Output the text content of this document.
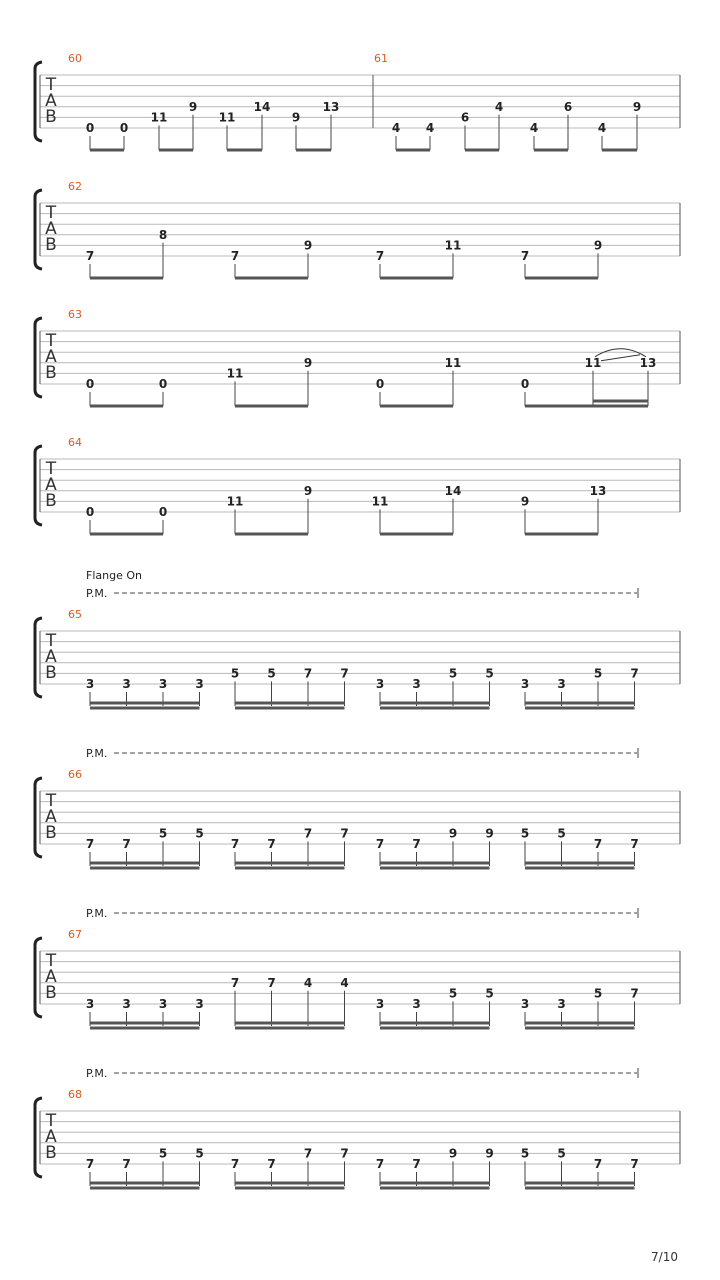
T
A
B
60
0 0
11
9
11
14
9
13
61
4 4
6
4
4
6
4
9
T
A
B
62
7
8
7
9
7
11
7
9
T
A
B
63
0	0
11
9
0
11
0
11	13
T
A
B
64
0	0
11
9
11
14
9
13
T
A
B
Flange On
P.M.
65
3 3 3 3
5 5 7 7
3 3
5 5
3 3
5 7
T
A
B
P.M.
66
7 7
5 5
7 7
7 7
7 7
9 9 5 5
7 7
T
A
B
P.M.
67
3 3 3 3
7 7 4 4
3 3
5 5
3 3
5 7
T
A
B
P.M.
68
7 7
5 5
7 7
7 7
7 7
9 9 5 5
7 7
7/10
